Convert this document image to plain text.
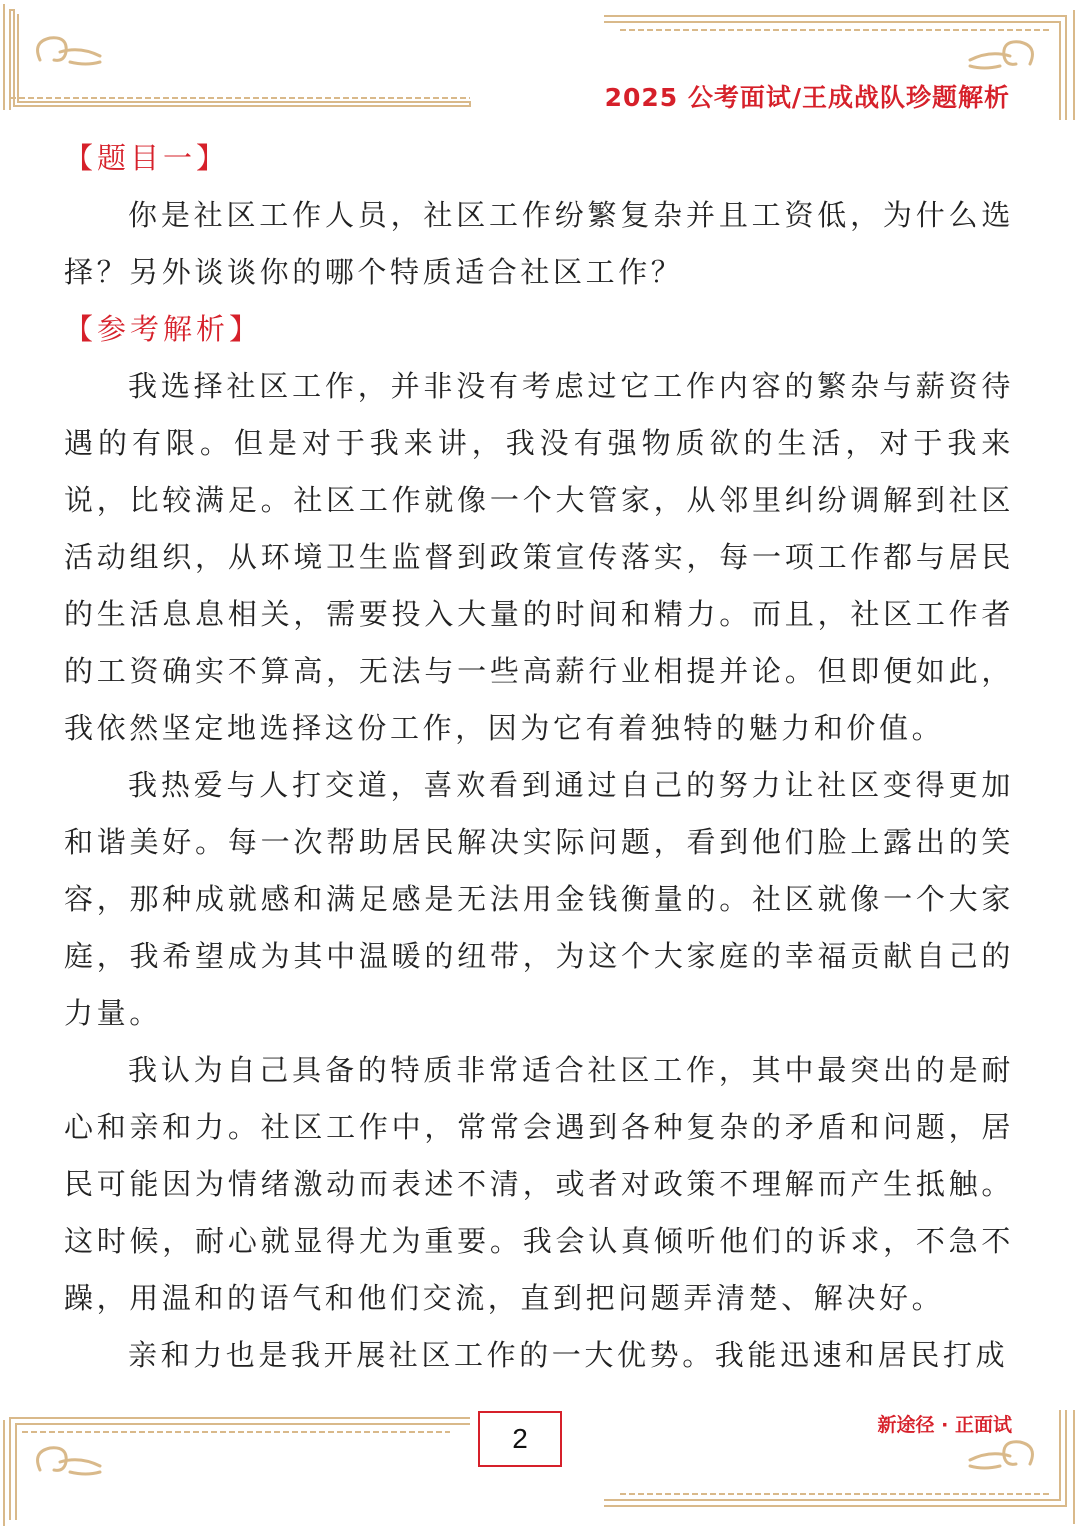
2025 公考面试/王成战队珍题解析
【题目一】

你是社区工作人员，社区工作纷繁复杂并且工资低，为什么选择？另外谈谈你的哪个特质适合社区工作？

【参考解析】

我选择社区工作，并非没有考虑过它工作内容的繁杂与薪资待遇的有限。但是对于我来讲，我没有强物质欲的生活，对于我来说，比较满足。社区工作就像一个大管家，从邻里纠纷调解到社区活动组织，从环境卫生监督到政策宣传落实，每一项工作都与居民的生活息息相关，需要投入大量的时间和精力。而且，社区工作者的工资确实不算高，无法与一些高薪行业相提并论。但即便如此，我依然坚定地选择这份工作，因为它有着独特的魅力和价值。

我热爱与人打交道，喜欢看到通过自己的努力让社区变得更加和谐美好。每一次帮助居民解决实际问题，看到他们脸上露出的笑容，那种成就感和满足感是无法用金钱衡量的。社区就像一个大家庭，我希望成为其中温暖的纽带，为这个大家庭的幸福贡献自己的力量。

我认为自己具备的特质非常适合社区工作，其中最突出的是耐心和亲和力。社区工作中，常常会遇到各种复杂的矛盾和问题，居民可能因为情绪激动而表述不清，或者对政策不理解而产生抵触。这时候，耐心就显得尤为重要。我会认真倾听他们的诉求，不急不躁，用温和的语气和他们交流，直到把问题弄清楚、解决好。

亲和力也是我开展社区工作的一大优势。我能迅速和居民打成

2	新途径 · 正面试
